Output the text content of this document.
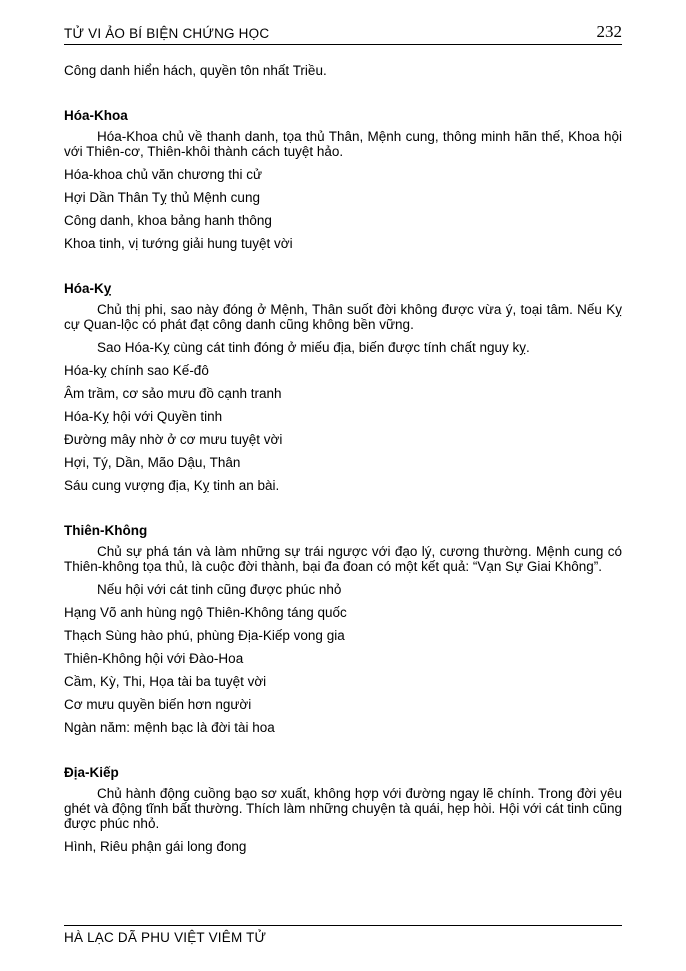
TỬ VI ẢO BÍ BIỆN CHỨNG HỌC	232
Công danh hiển hách, quyền tôn nhất Triều.
Hóa-Khoa
Hóa-Khoa chủ về thanh danh, tọa thủ Thân, Mệnh cung, thông minh hãn thế, Khoa hội với Thiên-cơ, Thiên-khôi thành cách tuyệt hảo.
Hóa-khoa chủ văn chương thi cử
Hợi Dần Thân Tỵ thủ Mệnh cung
Công danh, khoa bảng hanh thông
Khoa tinh, vị tướng giải hung tuyệt vời
Hóa-Kỵ
Chủ thị phi, sao này đóng ở Mệnh, Thân suốt đời không được vừa ý, toại tâm. Nếu Kỵ cự Quan-lộc có phát đạt công danh cũng không bền vững.
Sao Hóa-Kỵ cùng cát tinh đóng ở miếu địa, biến được tính chất nguy kỵ.
Hóa-kỵ chính sao Kế-đô
Âm trầm, cơ sảo mưu đồ cạnh tranh
Hóa-Kỵ hội với Quyền tinh
Đường mây nhờ ở cơ mưu tuyệt vời
Hợi, Tý, Dần, Mão Dậu, Thân
Sáu cung vượng địa, Kỵ tinh an bài.
Thiên-Không
Chủ sự phá tán và làm những sự trái ngược với đạo lý, cương thường. Mệnh cung có Thiên-không tọa thủ, là cuộc đời thành, bại đa đoan có một kết quả: “Vạn Sự Giai Không”.
Nếu hội với cát tinh cũng được phúc nhỏ
Hạng Võ anh hùng ngộ Thiên-Không táng quốc
Thạch Sùng hào phú, phùng Địa-Kiếp vong gia
Thiên-Không hội với Đào-Hoa
Cầm, Kỳ, Thi, Họa tài ba tuyệt vời
Cơ mưu quyền biến hơn người
Ngàn năm: mệnh bạc là đời tài hoa
Địa-Kiếp
Chủ hành động cuồng bạo sơ xuất, không hợp với đường ngay lẽ chính. Trong đời yêu ghét và động tĩnh bất thường. Thích làm những chuyện tà quái, hẹp hòi. Hội với cát tinh cũng được phúc nhỏ.
Hình, Riêu phận gái long đong
HÀ LẠC DÃ PHU VIỆT VIÊM TỬ
